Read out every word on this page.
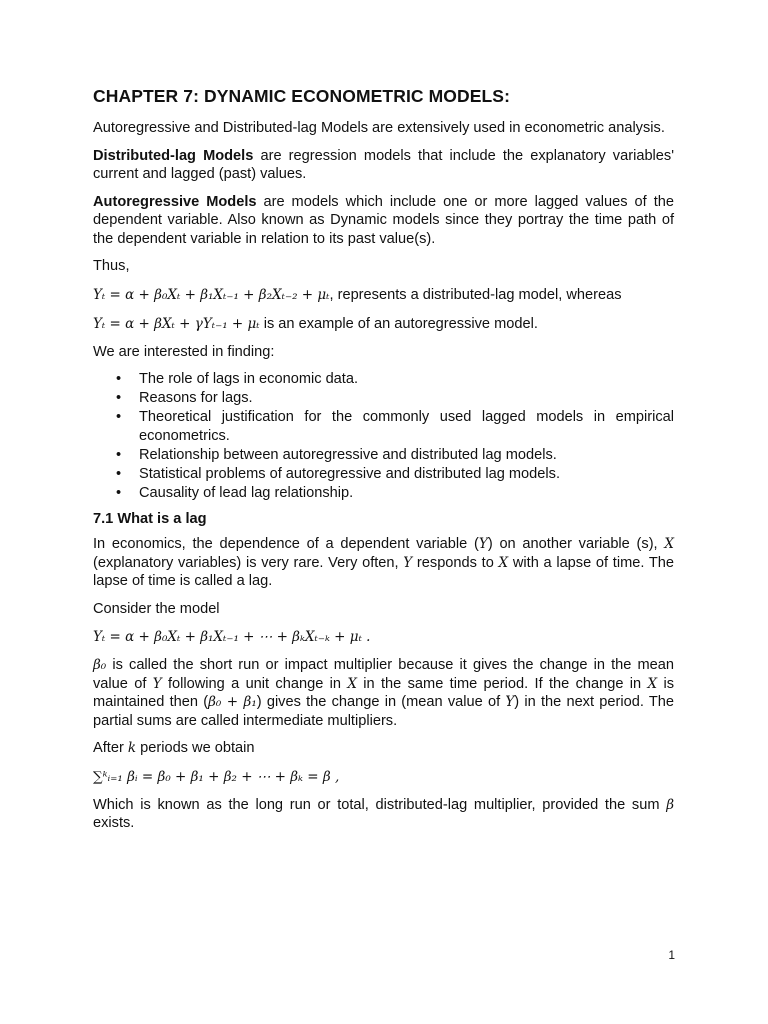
CHAPTER 7: DYNAMIC ECONOMETRIC MODELS:

Autoregressive and Distributed-lag Models are extensively used in econometric analysis.

Distributed-lag Models are regression models that include the explanatory variables' current and lagged (past) values.

Autoregressive Models are models which include one or more lagged values of the dependent variable. Also known as Dynamic models since they portray the time path of the dependent variable in relation to its past value(s).

Thus,

Yₜ = α + β₀Xₜ + β₁Xₜ₋₁ + β₂Xₜ₋₂ + μₜ, represents a distributed-lag model, whereas

Yₜ = α + βXₜ + γYₜ₋₁ + μₜ is an example of an autoregressive model.

We are interested in finding:

• The role of lags in economic data.
• Reasons for lags.
• Theoretical justification for the commonly used lagged models in empirical econometrics.
• Relationship between autoregressive and distributed lag models.
• Statistical problems of autoregressive and distributed lag models.
• Causality of lead lag relationship.
7.1 What is a lag

In economics, the dependence of a dependent variable (Y) on another variable (s), X (explanatory variables) is very rare. Very often, Y responds to X with a lapse of time. The lapse of time is called a lag.

Consider the model

Yₜ = α + β₀Xₜ + β₁Xₜ₋₁ + ⋯ + βₖXₜ₋ₖ + μₜ .

β₀ is called the short run or impact multiplier because it gives the change in the mean value of Y following a unit change in X in the same time period. If the change in X is maintained then (β₀ + β₁) gives the change in (mean value of Y) in the next period. The partial sums are called intermediate multipliers.

After k periods we obtain

∑ᵏᵢ₌₁ βᵢ = β₀ + β₁ + β₂ + ⋯ + βₖ = β ,

Which is known as the long run or total, distributed-lag multiplier, provided the sum β exists.

1
